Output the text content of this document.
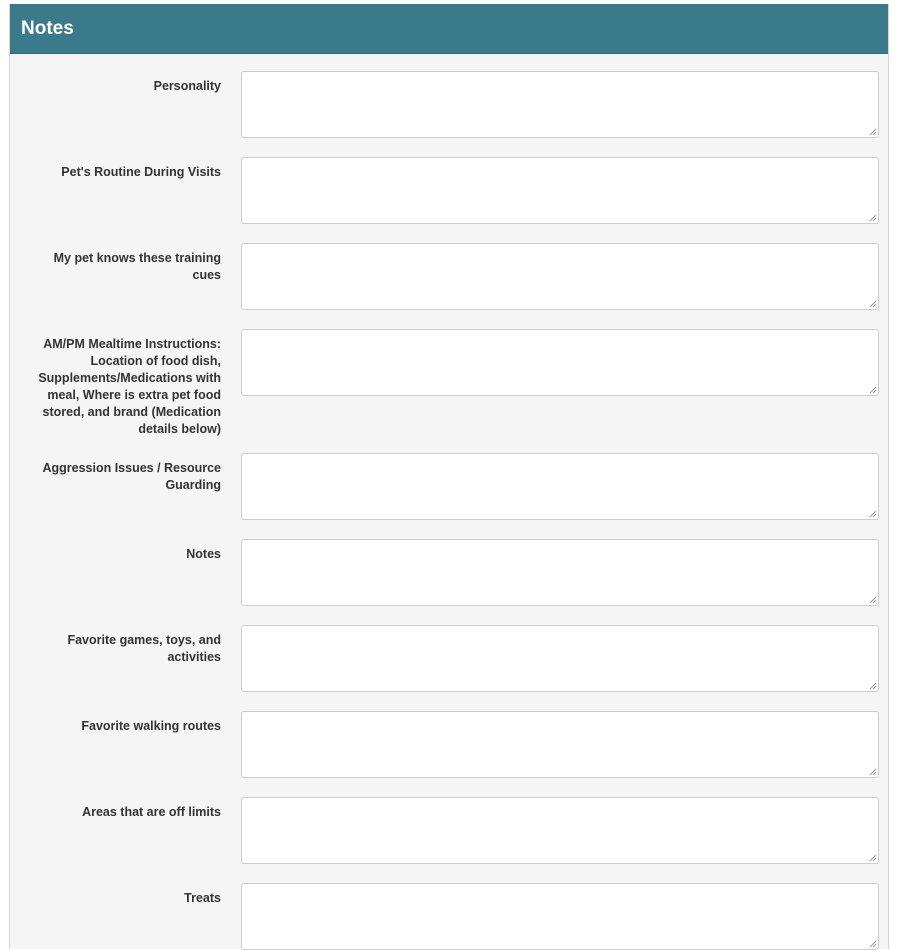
Notes
Personality
Pet's Routine During Visits
My pet knows these training cues
AM/PM Mealtime Instructions: Location of food dish, Supplements/Medications with meal, Where is extra pet food stored, and brand (Medication details below)
Aggression Issues / Resource Guarding
Notes
Favorite games, toys, and activities
Favorite walking routes
Areas that are off limits
Treats
